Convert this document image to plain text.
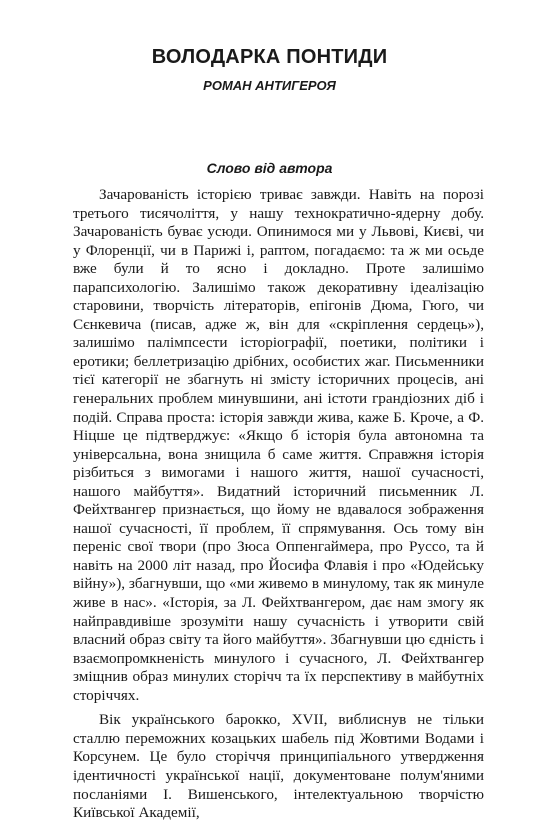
ВОЛОДАРКА ПОНТИДИ
РОМАН АНТИГЕРОЯ
Слово від автора

Зачарованість історією триває завжди. Навіть на порозі третього тисячоліття, у нашу технократично-ядерну добу. Зачарованість буває усюди. Опинимося ми у Львові, Києві, чи у Флоренції, чи в Парижі і, раптом, погадаємо: та ж ми осьде вже були й то ясно і докладно. Проте залишімо парапсихологію. Залишімо також декоративну ідеалізацію старовини, творчість літераторів, епігонів Дюма, Гюго, чи Сєнкевича (писав, адже ж, він для «скріплення сердець»), залишімо палімпсести історіографії, поетики, політики і еротики; беллетризацію дрібних, особистих жаг. Письменники тієї категорії не збагнуть ні змісту історичних процесів, ані генеральних проблем минувшини, ані істоти грандіозних діб і подій. Справа проста: історія завжди жива, каже Б. Кроче, а Ф. Ніцше це підтверджує: «Якщо б історія була автономна та універсальна, вона знищила б саме життя. Справжня історія різбиться з вимогами і нашого життя, нашої сучасності, нашого майбуття». Видатний історичний письменник Л. Фейхтвангер признається, що йому не вдавалося зображення нашої сучасності, її проблем, її спрямування. Ось тому він переніс свої твори (про Зюса Оппенгаймера, про Руссо, та й навіть на 2000 літ назад, про Йосифа Флавія і про «Юдейську війну»), збагнувши, що «ми живемо в минулому, так як минуле живе в нас». «Історія, за Л. Фейхтвангером, дає нам змогу як найправдивіше зрозуміти нашу сучасність і утворити свій власний образ світу та його майбуття». Збагнувши цю єдність і взаємопромкненість минулого і сучасного, Л. Фейхтвангер зміщнив образ минулих сторічч та їх перспективу в майбутніх сторіччях.

Вік українського барокко, XVII, виблиснув не тільки сталлю переможних козацьких шабель під Жовтими Водами і Корсунем. Це було сторіччя принципіального утвердження ідентичності української нації, документоване полум'яними посланіями І. Вишенського, інтелектуальною творчістю Київської Академії,
